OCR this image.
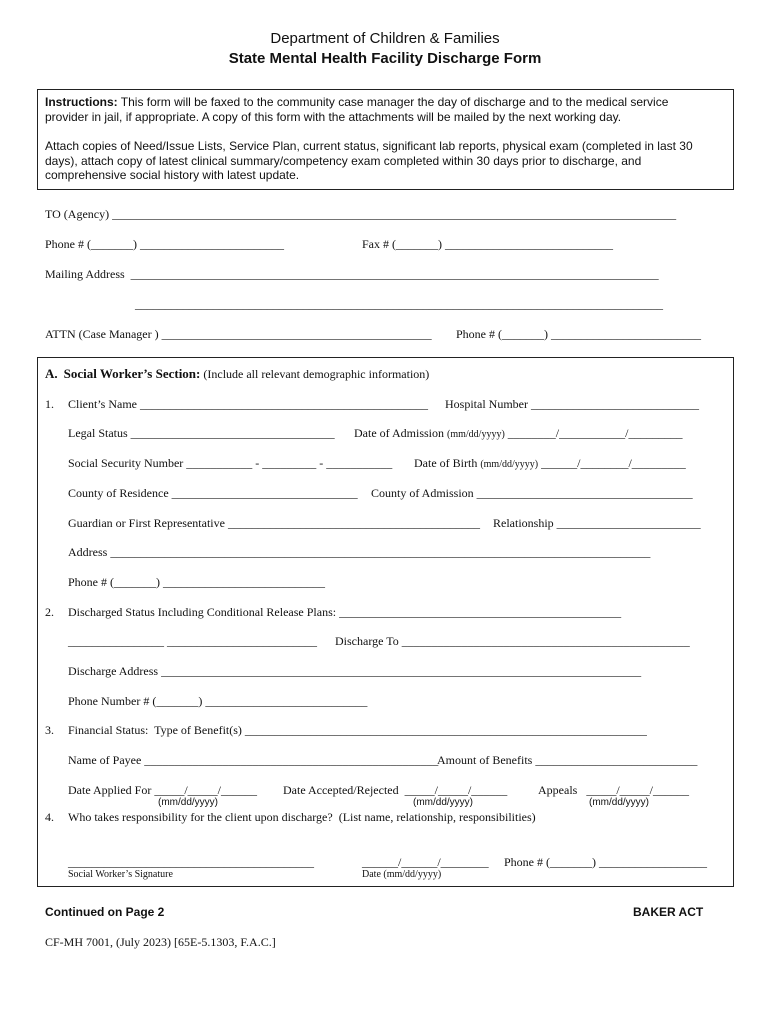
Department of Children & Families
State Mental Health Facility Discharge Form
Instructions: This form will be faxed to the community case manager the day of discharge and to the medical service
provider in jail, if appropriate. A copy of this form with the attachments will be mailed by the next working day.
Attach copies of Need/Issue Lists, Service Plan, current status, significant lab reports, physical exam (completed in last 30
days), attach copy of latest clinical summary/competency exam completed within 30 days prior to discharge, and
comprehensive social history with latest update.
TO (Agency) ______________________________________________________________________________________________
Phone # (_______) ________________________	Fax # (_______) ____________________________
Mailing Address  ________________________________________________________________________________________
________________________________________________________________________________________
ATTN (Case Manager ) _____________________________________________ Phone # (_______) _________________________
A. Social Worker’s Section: (Include all relevant demographic information)
1. Client’s Name ________________________________________________ Hospital Number ____________________________
Legal Status __________________________________ Date of Admission (mm/dd/yyyy) ________/___________/_________
Social Security Number ___________ - _________ - ___________ Date of Birth (mm/dd/yyyy) ______/________/_________
County of Residence _______________________________ County of Admission ____________________________________
Guardian or First Representative __________________________________________ Relationship ________________________
Address __________________________________________________________________________________________
Phone # (_______) ___________________________
2. Discharged Status Including Conditional Release Plans: _______________________________________________
________________ _________________________ Discharge To ________________________________________________
Discharge Address ________________________________________________________________________________
Phone Number # (_______) ___________________________
3. Financial Status:  Type of Benefit(s) ___________________________________________________________________
Name of Payee _________________________________________________
Amount of Benefits ___________________________
Date Applied For _____/_____/______ Date Accepted/Rejected  _____/_____/______	Appeals   _____/_____/______
(mm/dd/yyyy)	(mm/dd/yyyy)	(mm/dd/yyyy)
4. Who takes responsibility for the client upon discharge?  (List name, relationship, responsibilities)
_________________________________________
Social Worker’s Signature
______/______/________
Date (mm/dd/yyyy)
Phone # (_______) __________________
Continued on Page 2	BAKER ACT
CF-MH 7001, (July 2023) [65E-5.1303, F.A.C.]
